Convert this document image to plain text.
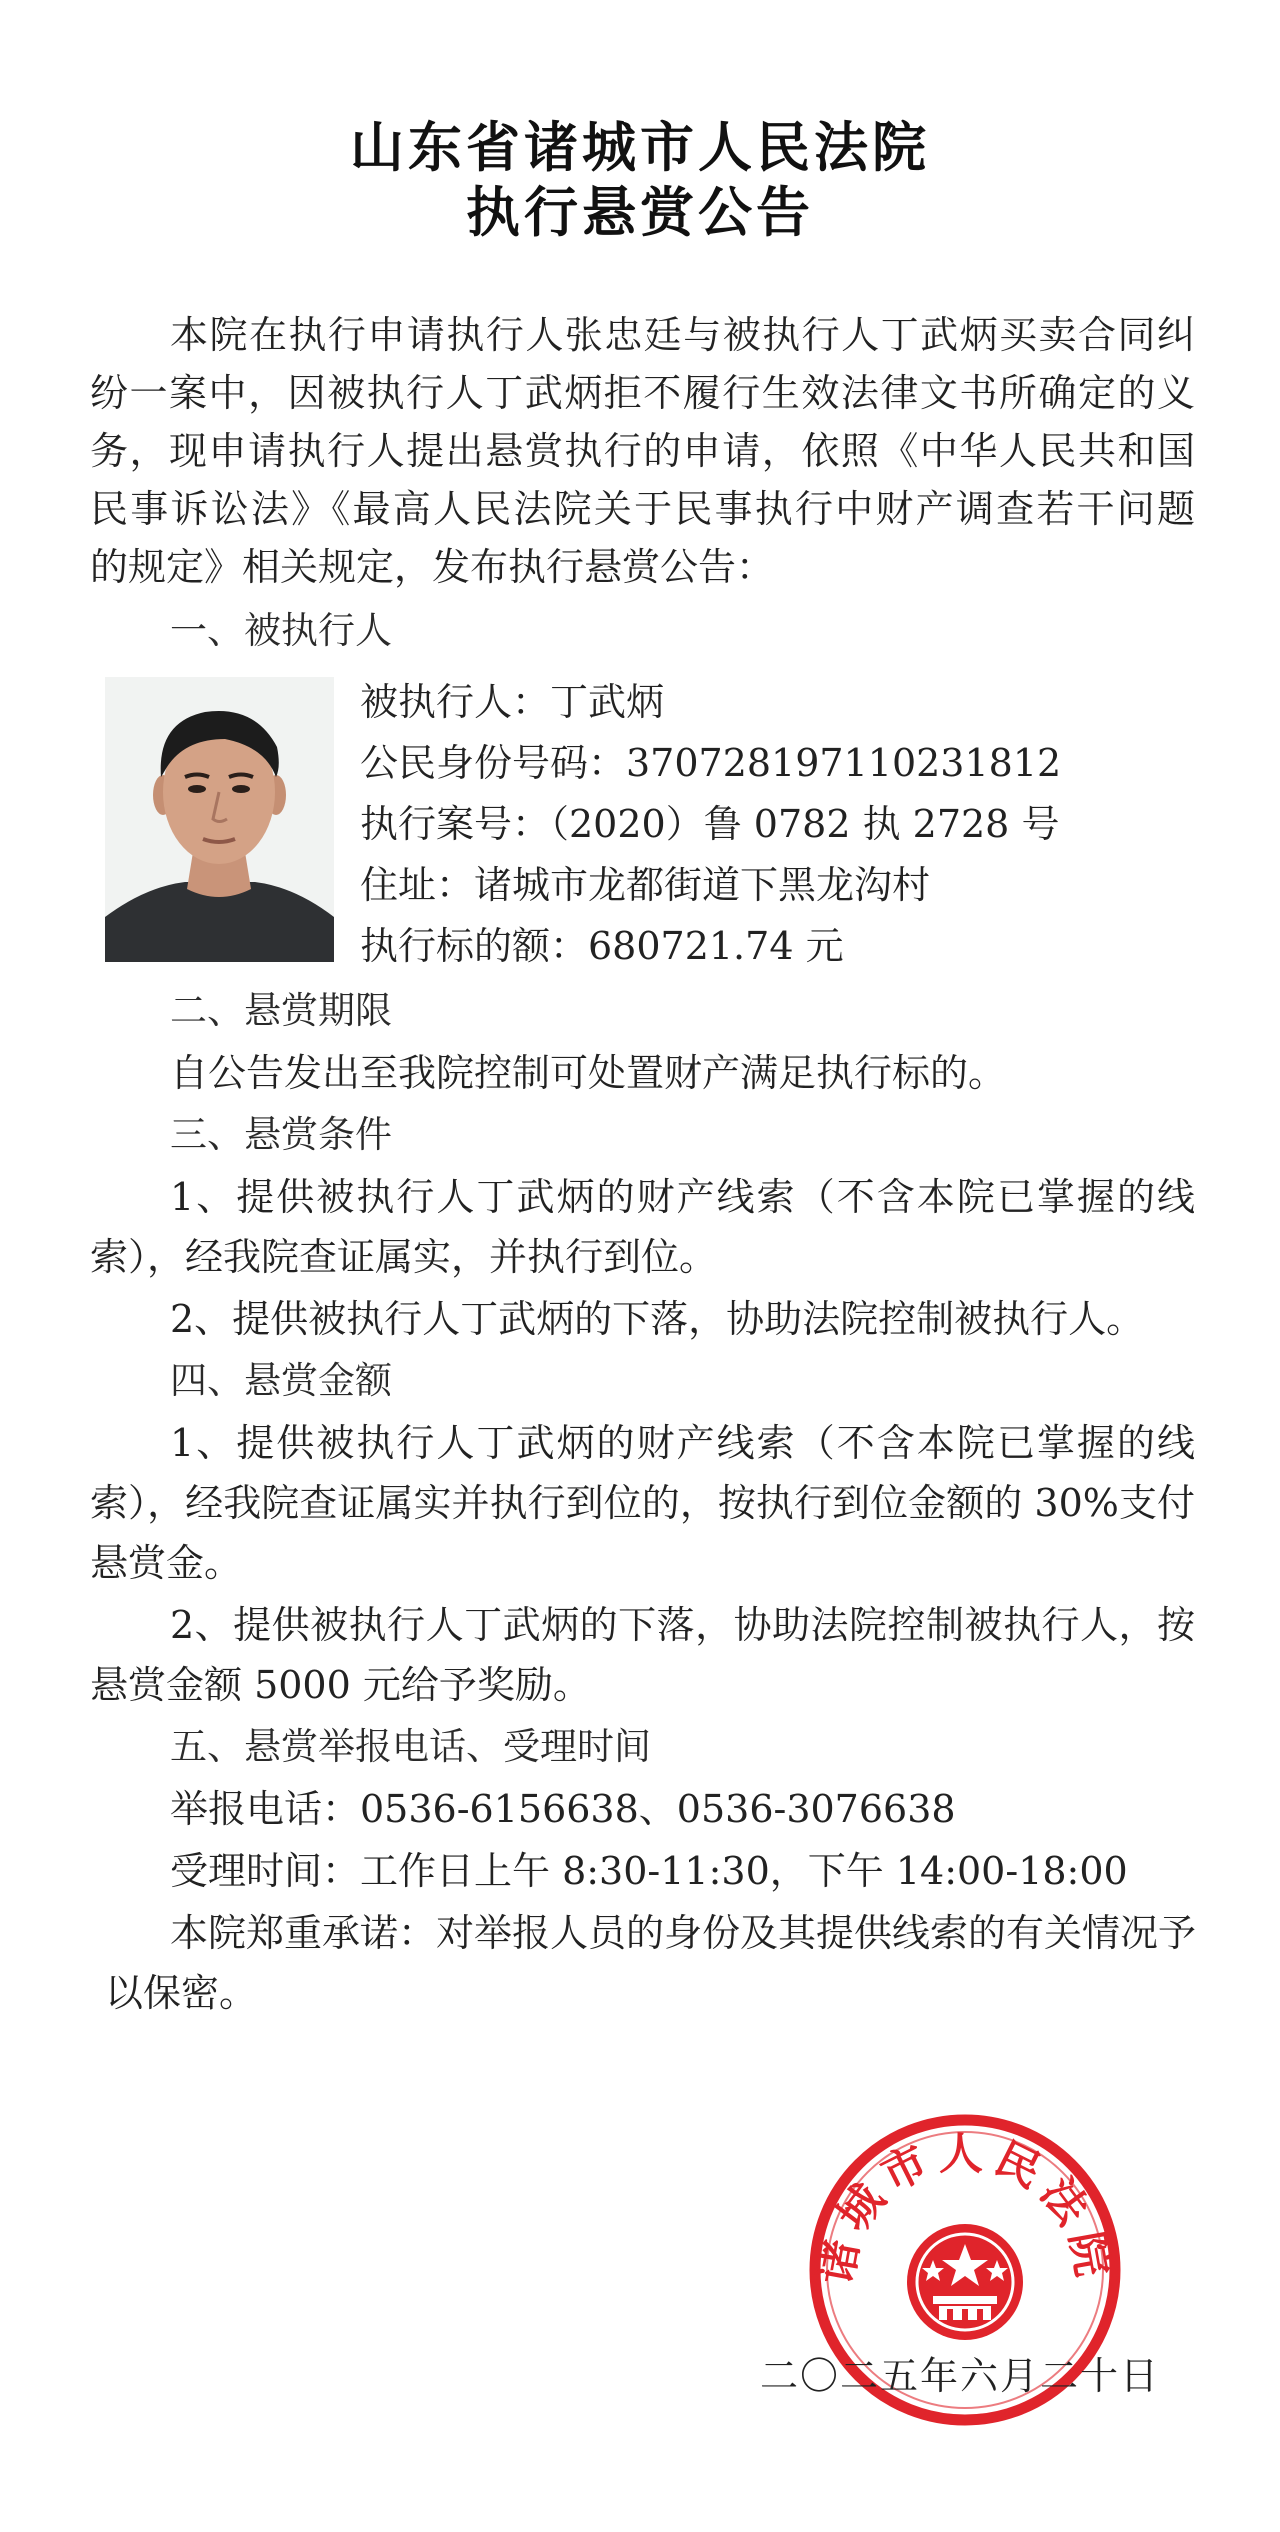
山东省诸城市人民法院
执行悬赏公告

本院在执行申请执行人张忠廷与被执行人丁武炳买卖合同纠

纷一案中，因被执行人丁武炳拒不履行生效法律文书所确定的义

务，现申请执行人提出悬赏执行的申请，依照《中华人民共和国

民事诉讼法》《最高人民法院关于民事执行中财产调查若干问题

的规定》相关规定，发布执行悬赏公告：

一、被执行人

被执行人：丁武炳

公民身份号码：370728197110231812

执行案号：（2020）鲁 0782 执 2728 号

住址：诸城市龙都街道下黑龙沟村

执行标的额：680721.74 元

二、悬赏期限

自公告发出至我院控制可处置财产满足执行标的。

三、悬赏条件

1、提供被执行人丁武炳的财产线索（不含本院已掌握的线

索），经我院查证属实，并执行到位。

2、提供被执行人丁武炳的下落，协助法院控制被执行人。

四、悬赏金额

1、提供被执行人丁武炳的财产线索（不含本院已掌握的线

索），经我院查证属实并执行到位的，按执行到位金额的 30%支付

悬赏金。

2、提供被执行人丁武炳的下落，协助法院控制被执行人，按

悬赏金额 5000 元给予奖励。

五、悬赏举报电话、受理时间

举报电话：0536-6156638、0536-3076638

受理时间：工作日上午 8:30-11:30，下午 14:00-18:00

本院郑重承诺：对举报人员的身份及其提供线索的有关情况予

以保密。

诸城市人民法院

二〇二五年六月二十日
